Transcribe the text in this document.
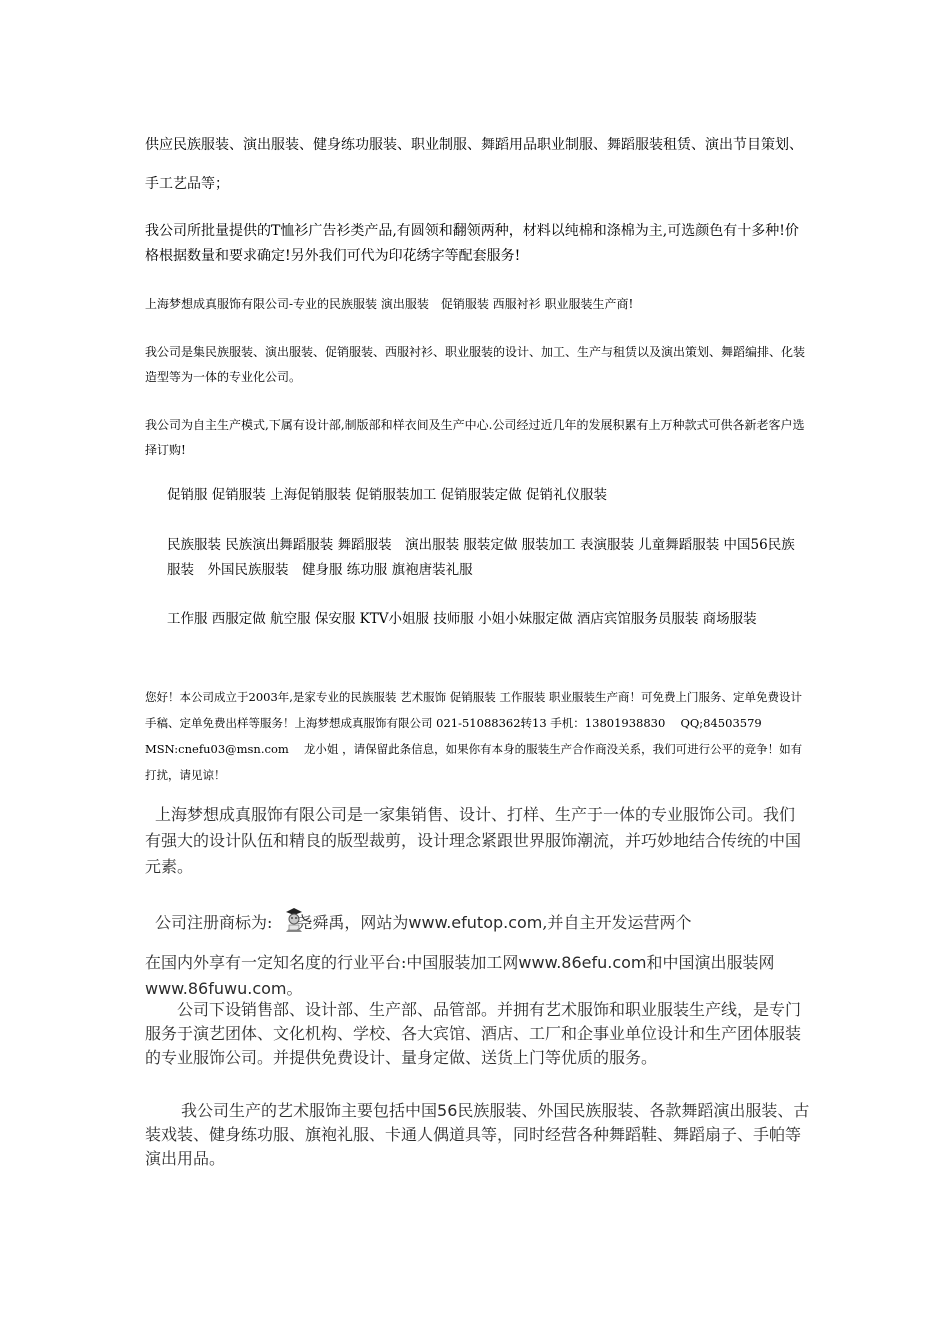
供应民族服装、演出服装、健身练功服装、职业制服、舞蹈用品职业制服、舞蹈服装租赁、演出节目策划、手工艺品等；

我公司所批量提供的T恤衫广告衫类产品,有圆领和翻领两种，材料以纯棉和涤棉为主,可选颜色有十多种!价格根据数量和要求确定!另外我们可代为印花绣字等配套服务!

上海梦想成真服饰有限公司-专业的民族服装 演出服装　促销服装 西服衬衫 职业服装生产商!

我公司是集民族服装、演出服装、促销服装、西服衬衫、职业服装的设计、加工、生产与租赁以及演出策划、舞蹈编排、化装造型等为一体的专业化公司。

我公司为自主生产模式,下属有设计部,制版部和样衣间及生产中心.公司经过近几年的发展积累有上万种款式可供各新老客户选择订购!

促销服 促销服装 上海促销服装 促销服装加工 促销服装定做 促销礼仪服装

民族服装 民族演出舞蹈服装 舞蹈服装　演出服装 服装定做 服装加工 表演服装 儿童舞蹈服装 中国56民族服装　外国民族服装　健身服 练功服 旗袍唐装礼服

工作服 西服定做 航空服 保安服 KTV小姐服 技师服 小姐小妹服定做 酒店宾馆服务员服装 商场服装

您好！本公司成立于2003年,是家专业的民族服装 艺术服饰 促销服装 工作服装 职业服装生产商！可免费上门服务、定单免费设计手稿、定单免费出样等服务！上海梦想成真服饰有限公司 021-51088362转13 手机：13801938830　 QQ;84503579　 MSN:cnefu03@msn.com　 龙小姐 ，请保留此条信息，如果你有本身的服装生产合作商没关系，我们可进行公平的竞争！如有打扰，请见谅！

上海梦想成真服饰有限公司是一家集销售、设计、打样、生产于一体的专业服饰公司。我们有强大的设计队伍和精良的版型裁剪，设计理念紧跟世界服饰潮流，并巧妙地结合传统的中国元素。

公司注册商标为: 尧舜禹，网站为www.efutop.com,并自主开发运营两个
在国内外享有一定知名度的行业平台:中国服装加工网www.86efu.com和中国演出服装网www.86fuwu.com。

公司下设销售部、设计部、生产部、品管部。并拥有艺术服饰和职业服装生产线，是专门服务于演艺团体、文化机构、学校、各大宾馆、酒店、工厂和企事业单位设计和生产团体服装的专业服饰公司。并提供免费设计、量身定做、送货上门等优质的服务。

我公司生产的艺术服饰主要包括中国56民族服装、外国民族服装、各款舞蹈演出服装、古装戏装、健身练功服、旗袍礼服、卡通人偶道具等，同时经营各种舞蹈鞋、舞蹈扇子、手帕等演出用品。
